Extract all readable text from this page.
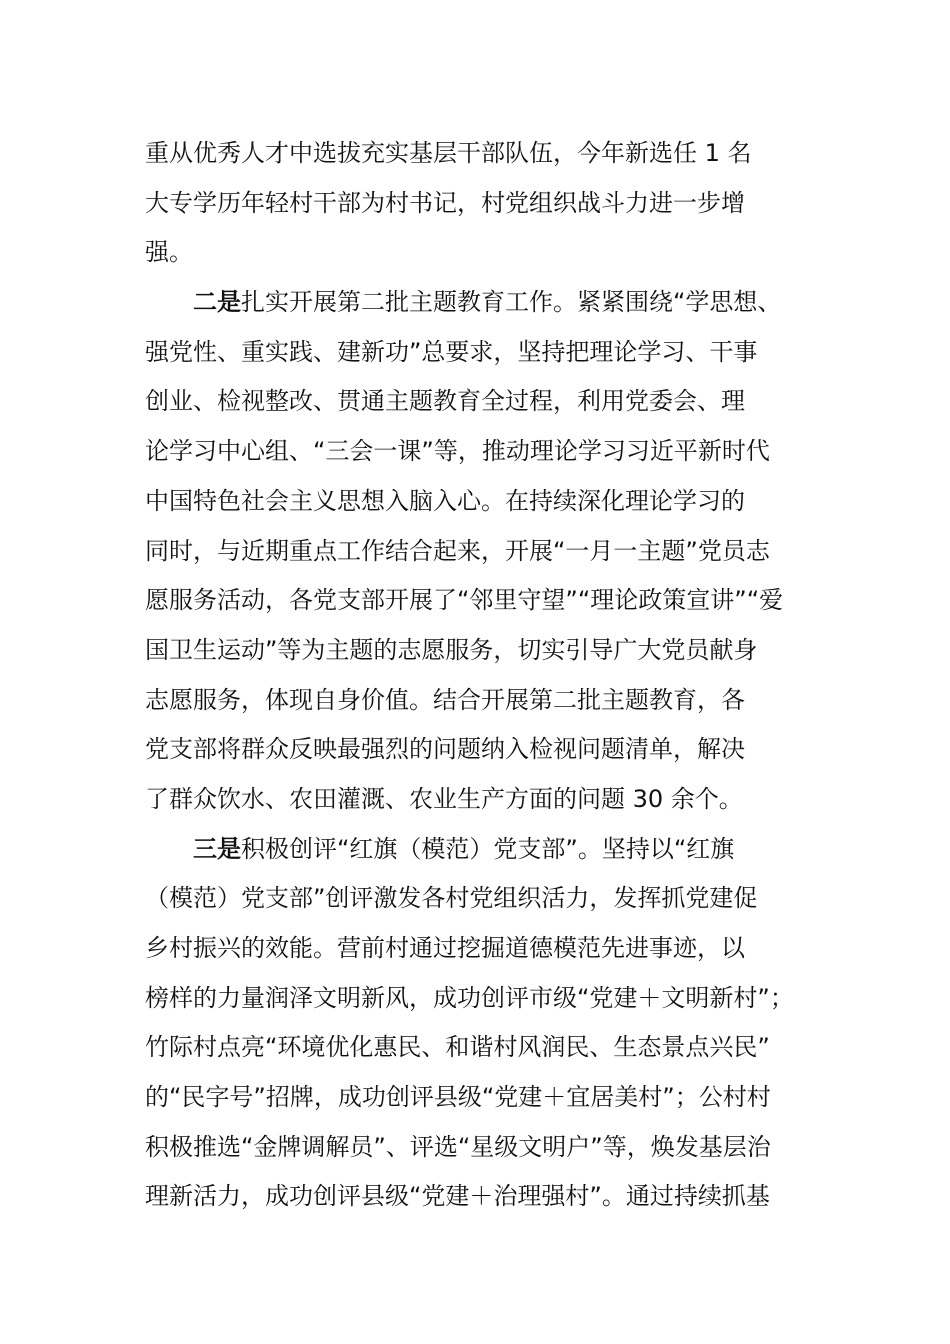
重从优秀人才中选拔充实基层干部队伍，今年新选任 1 名
大专学历年轻村干部为村书记，村党组织战斗力进一步增
强。
二是扎实开展第二批主题教育工作。紧紧围绕“学思想、
强党性、重实践、建新功”总要求，坚持把理论学习、干事
创业、检视整改、贯通主题教育全过程，利用党委会、理
论学习中心组、“三会一课”等，推动理论学习习近平新时代
中国特色社会主义思想入脑入心。在持续深化理论学习的
同时，与近期重点工作结合起来，开展“一月一主题”党员志
愿服务活动，各党支部开展了“邻里守望”“理论政策宣讲”“爱
国卫生运动”等为主题的志愿服务，切实引导广大党员献身
志愿服务，体现自身价值。结合开展第二批主题教育，各
党支部将群众反映最强烈的问题纳入检视问题清单，解决
了群众饮水、农田灌溉、农业生产方面的问题 30 余个。
三是积极创评“红旗（模范）党支部”。坚持以“红旗
（模范）党支部”创评激发各村党组织活力，发挥抓党建促
乡村振兴的效能。营前村通过挖掘道德模范先进事迹，以
榜样的力量润泽文明新风，成功创评市级“党建＋文明新村”；
竹际村点亮“环境优化惠民、和谐村风润民、生态景点兴民”
的“民字号”招牌，成功创评县级“党建＋宜居美村”；公村村
积极推选“金牌调解员”、评选“星级文明户”等，焕发基层治
理新活力，成功创评县级“党建＋治理强村”。通过持续抓基
